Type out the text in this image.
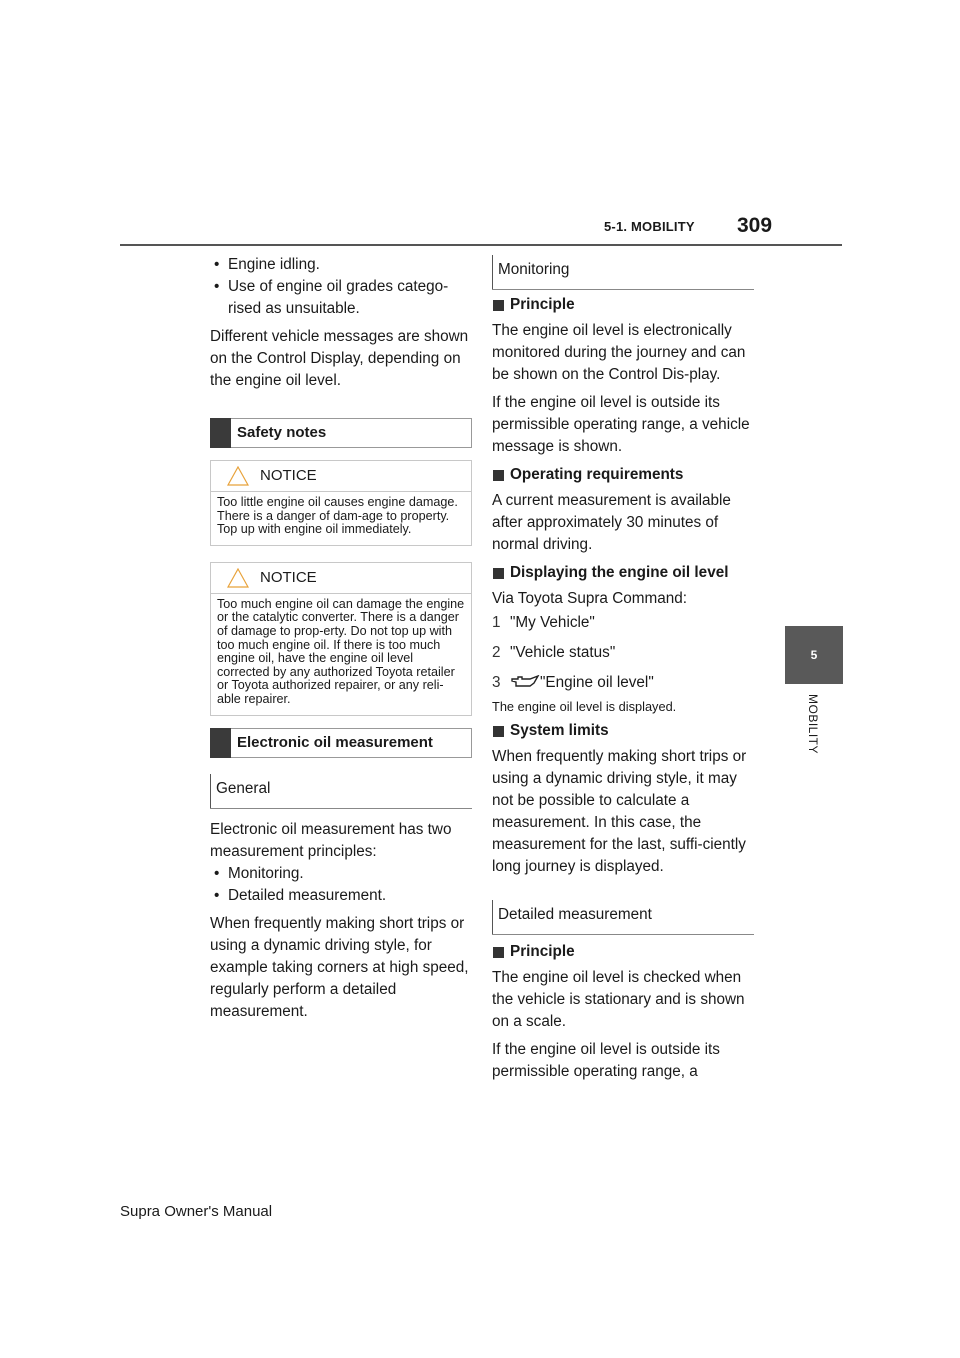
5-1. MOBILITY 309
5
MOBILITY
• Engine idling.
• Use of engine oil grades catego-rised as unsuitable.

Different vehicle messages are shown on the Control Display, depending on the engine oil level.

Safety notes
NOTICE
Too little engine oil causes engine damage. There is a danger of dam-age to property. Top up with engine oil immediately.
NOTICE
Too much engine oil can damage the engine or the catalytic converter. There is a danger of damage to prop-erty. Do not top up with too much engine oil. If there is too much engine oil, have the engine oil level corrected by any authorized Toyota retailer or Toyota authorized repairer, or any reli-able repairer.
Electronic oil measurement
General

Electronic oil measurement has two measurement principles:

• Monitoring.
• Detailed measurement.

When frequently making short trips or using a dynamic driving style, for example taking corners at high speed, regularly perform a detailed measurement.

Monitoring
Principle

The engine oil level is electronically monitored during the journey and can be shown on the Control Dis-play.

If the engine oil level is outside its permissible operating range, a vehicle message is shown.

Operating requirements

A current measurement is available after approximately 30 minutes of normal driving.

Displaying the engine oil level

Via Toyota Supra Command:

1 "My Vehicle"
2 "Vehicle status"
3	"Engine oil level"

The engine oil level is displayed.

System limits

When frequently making short trips or using a dynamic driving style, it may not be possible to calculate a measurement. In this case, the measurement for the last, suffi-ciently long journey is displayed.

Detailed measurement
Principle

The engine oil level is checked when the vehicle is stationary and is shown on a scale.

If the engine oil level is outside its permissible operating range, a

Supra Owner's Manual
